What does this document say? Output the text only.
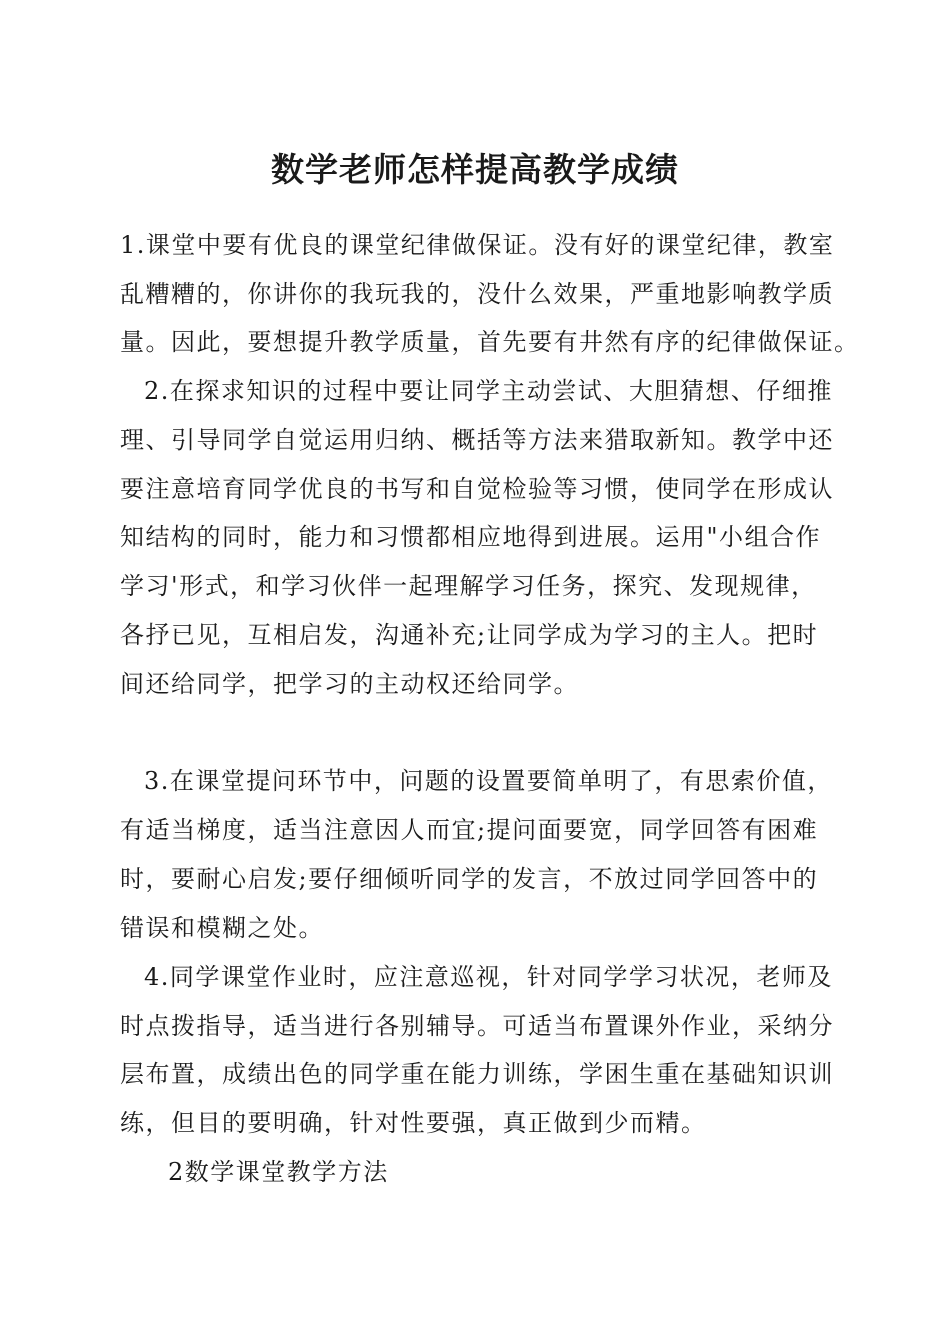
数学老师怎样提高教学成绩
1.课堂中要有优良的课堂纪律做保证。没有好的课堂纪律，教室
乱糟糟的，你讲你的我玩我的，没什么效果，严重地影响教学质
量。因此，要想提升教学质量，首先要有井然有序的纪律做保证。
2.在探求知识的过程中要让同学主动尝试、大胆猜想、仔细推
理、引导同学自觉运用归纳、概括等方法来猎取新知。教学中还
要注意培育同学优良的书写和自觉检验等习惯，使同学在形成认
知结构的同时，能力和习惯都相应地得到进展。运用"小组合作
学习'形式，和学习伙伴一起理解学习任务，探究、发现规律，
各抒已见，互相启发，沟通补充;让同学成为学习的主人。把时
间还给同学，把学习的主动权还给同学。
3.在课堂提问环节中，问题的设置要简单明了，有思索价值，
有适当梯度，适当注意因人而宜;提问面要宽，同学回答有困难
时，要耐心启发;要仔细倾听同学的发言，不放过同学回答中的
错误和模糊之处。
4.同学课堂作业时，应注意巡视，针对同学学习状况，老师及
时点拨指导，适当进行各别辅导。可适当布置课外作业，采纳分
层布置，成绩出色的同学重在能力训练，学困生重在基础知识训
练，但目的要明确，针对性要强，真正做到少而精。
2数学课堂教学方法
